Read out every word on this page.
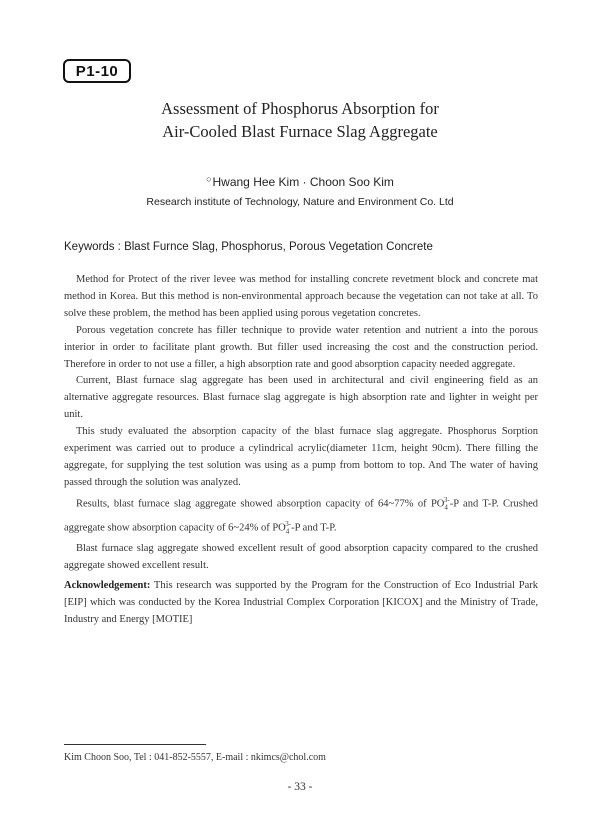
P1-10
Assessment of Phosphorus Absorption for
Air-Cooled Blast Furnace Slag Aggregate
○Hwang Hee Kim · Choon Soo Kim
Research institute of Technology, Nature and Environment Co. Ltd
Keywords : Blast Furnce Slag, Phosphorus, Porous Vegetation Concrete

Method for Protect of the river levee was method for installing concrete revetment block and concrete mat method in Korea. But this method is non-environmental approach because the vegetation can not take at all. To solve these problem, the method has been applied using porous vegetation concretes.

Porous vegetation concrete has filler technique to provide water retention and nutrient a into the porous interior in order to facilitate plant growth. But filler used increasing the cost and the construction period. Therefore in order to not use a filler, a high absorption rate and good absorption capacity needed aggregate.

Current, Blast furnace slag aggregate has been used in architectural and civil engineering field as an alternative aggregate resources. Blast furnace slag aggregate is high absorption rate and lighter in weight per unit.

This study evaluated the absorption capacity of the blast furnace slag aggregate. Phosphorus Sorption experiment was carried out to produce a cylindrical acrylic(diameter 11cm, height 90cm). There filling the aggregate, for supplying the test solution was using as a pump from bottom to top. And The water of having passed through the solution was analyzed.

Results, blast furnace slag aggregate showed absorption capacity of 64~77% of $PO_4^{3-}-P$ and T-P. Crushed aggregate show absorption capacity of 6~24% of $PO_4^{3-}-P$ and T-P.

Blast furnace slag aggregate showed excellent result of good absorption capacity compared to the crushed aggregate showed excellent result.

Acknowledgement: This research was supported by the Program for the Construction of Eco Industrial Park [EIP] which was conducted by the Korea Industrial Complex Corporation [KICOX] and the Ministry of Trade, Industry and Energy [MOTIE]
Kim Choon Soo, Tel : 041-852-5557, E-mail : nkimcs@chol.com
- 33 -
